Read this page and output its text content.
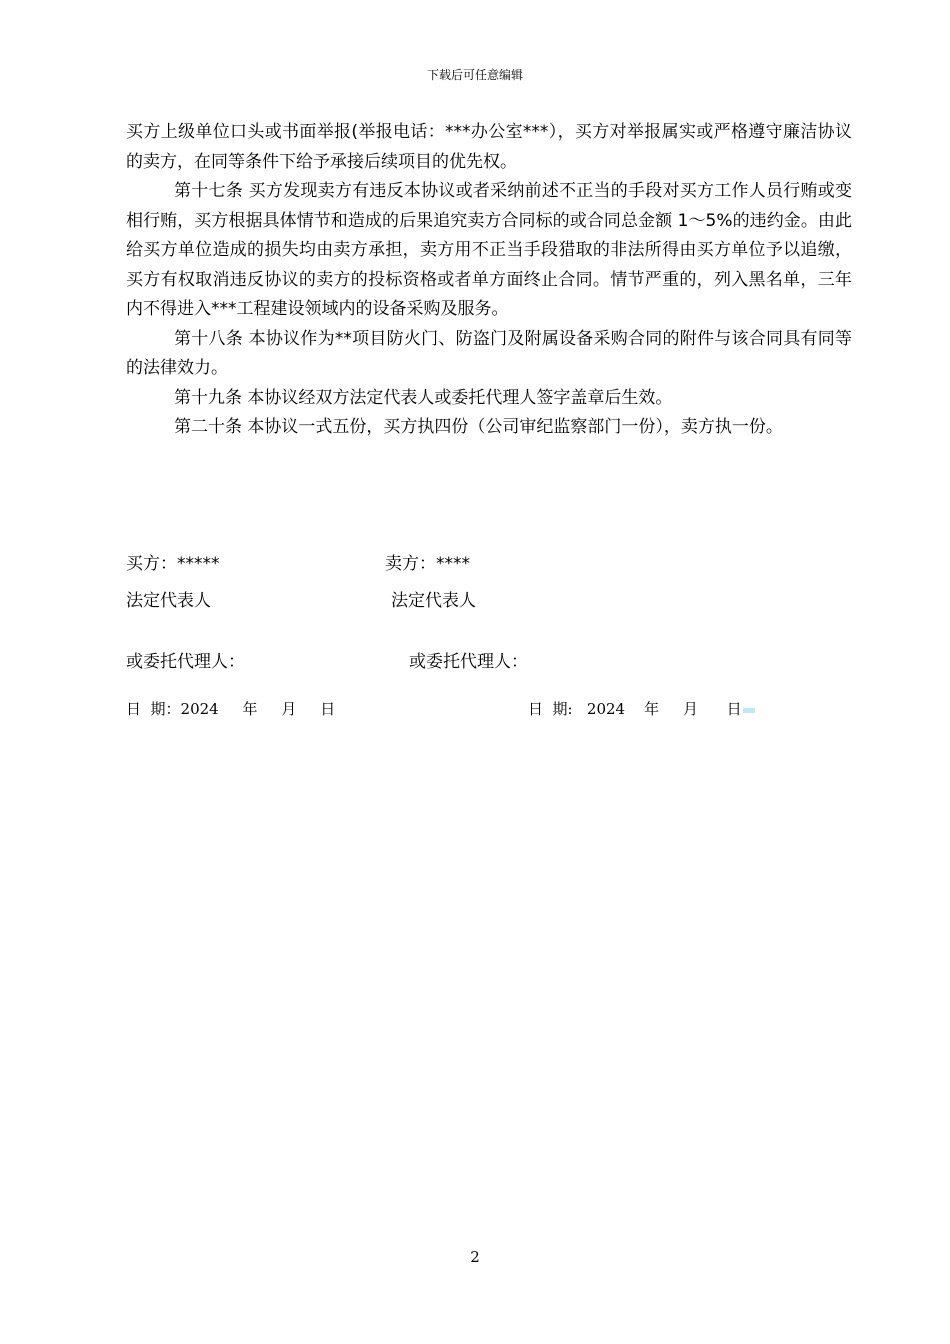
下载后可任意编辑

买方上级单位口头或书面举报(举报电话：***办公室***），买方对举报属实或严格遵守廉洁协议的卖方，在同等条件下给予承接后续项目的优先权。

第十七条 买方发现卖方有违反本协议或者采纳前述不正当的手段对买方工作人员行贿或变相行贿，买方根据具体情节和造成的后果追究卖方合同标的或合同总金额 1～5%的违约金。由此给买方单位造成的损失均由卖方承担，卖方用不正当手段猎取的非法所得由买方单位予以追缴，买方有权取消违反协议的卖方的投标资格或者单方面终止合同。情节严重的，列入黑名单，三年内不得进入***工程建设领域内的设备采购及服务。

第十八条 本协议作为**项目防火门、防盗门及附属设备采购合同的附件与该合同具有同等的法律效力。

第十九条 本协议经双方法定代表人或委托代理人签字盖章后生效。

第二十条 本协议一式五份，买方执四份（公司审纪监察部门一份），卖方执一份。

买方：*****	卖方：****
法定代表人	法定代表人
或委托代理人：	或委托代理人：
日  期：2024     年     月     日	日  期:   2024    年     月      日
2
